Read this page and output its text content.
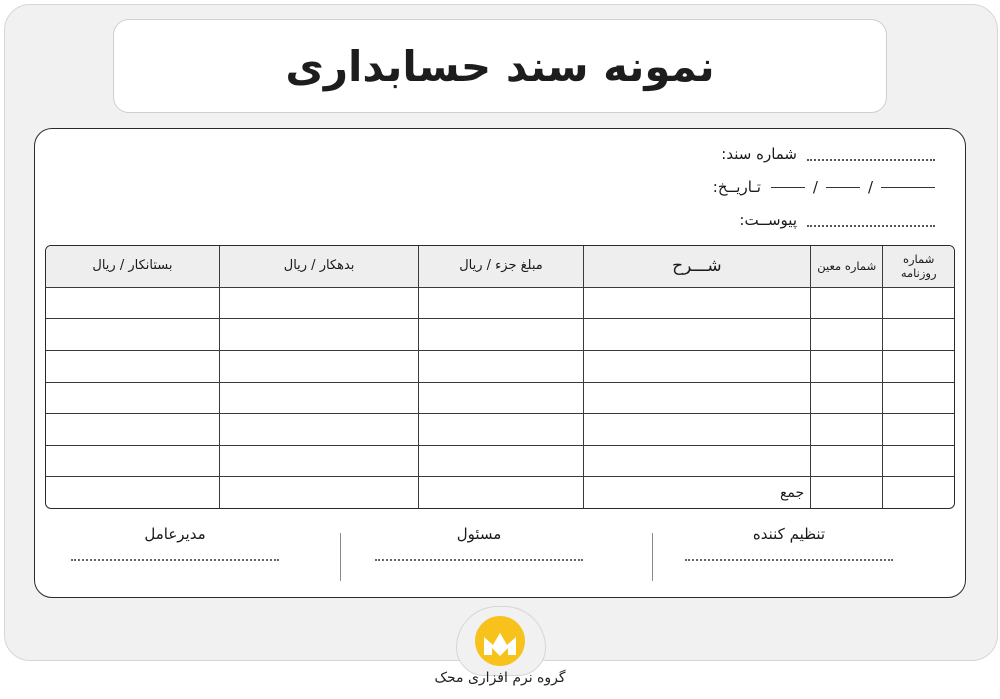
نمونه سند حسابداری
شماره سند:
تـاریــخ:	/	/
پیوســت:
بستانکار / ریال	بدهکار / ریال	مبلغ جزء / ریال	شـــرح	شماره معین	شماره روزنامه

			جمع		
مدیرعامل	مسئول	تنظیم کننده
گروه نرم افزاری محک
